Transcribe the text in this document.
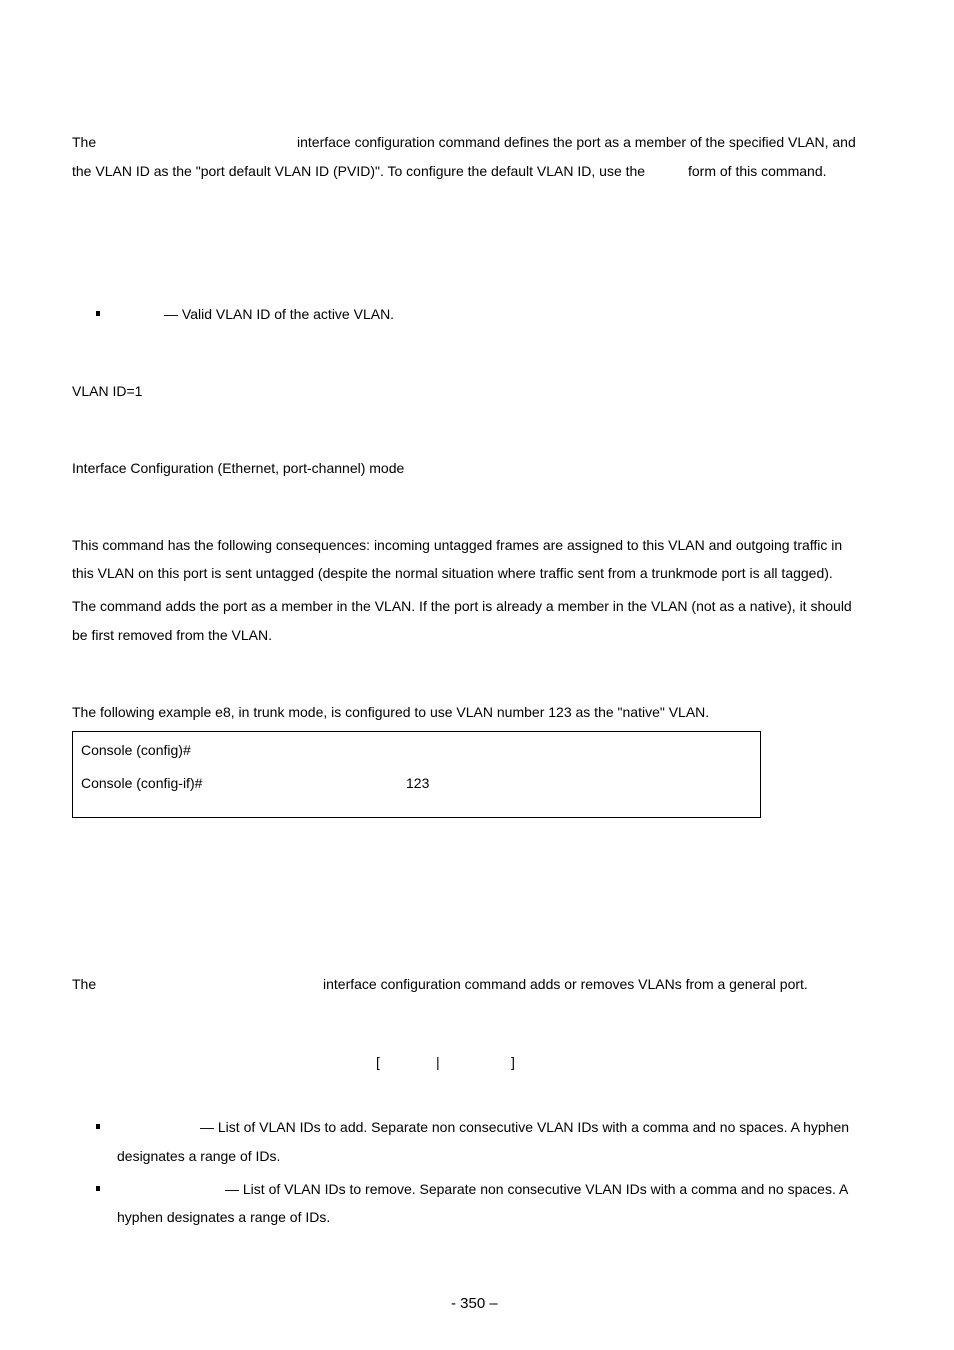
The	interface configuration command defines the port as a member of the specified VLAN, and
the VLAN ID as the "port default VLAN ID (PVID)". To configure the default VLAN ID, use the	form of this command.
— Valid VLAN ID of the active VLAN.
VLAN ID=1
Interface Configuration (Ethernet, port-channel) mode
This command has the following consequences: incoming untagged frames are assigned to this VLAN and outgoing traffic in
this VLAN on this port is sent untagged (despite the normal situation where traffic sent from a trunkmode port is all tagged).
The command adds the port as a member in the VLAN. If the port is already a member in the VLAN (not as a native), it should
be first removed from the VLAN.
The following example e8, in trunk mode, is configured to use VLAN number 123 as the "native" VLAN.
Console (config)#
Console (config-if)#	123
The	interface configuration command adds or removes VLANs from a general port.
[	|	]
— List of VLAN IDs to add. Separate non consecutive VLAN IDs with a comma and no spaces. A hyphen
designates a range of IDs.
— List of VLAN IDs to remove. Separate non consecutive VLAN IDs with a comma and no spaces. A
hyphen designates a range of IDs.
- 350 –
